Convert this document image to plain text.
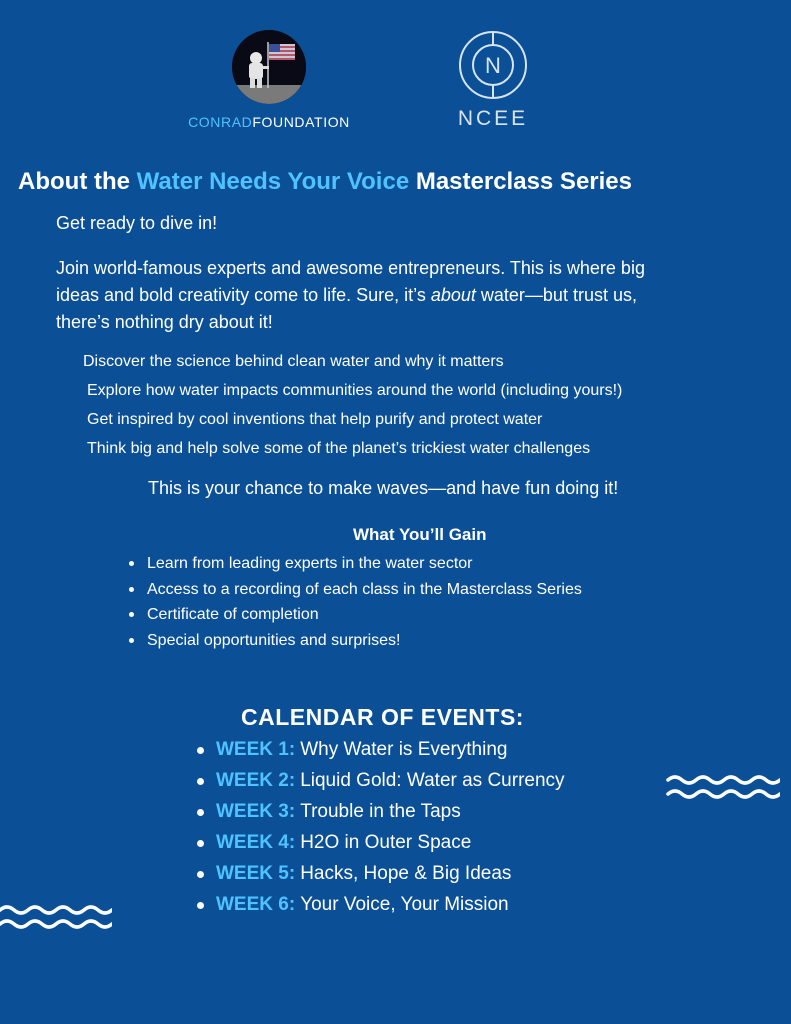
CONRADFOUNDATION
N
NCEE
About the Water Needs Your Voice Masterclass Series

Get ready to dive in!

Join world-famous experts and awesome entrepreneurs. This is where big
ideas and bold creativity come to life. Sure, it’s about water—but trust us,
there’s nothing dry about it!

Discover the science behind clean water and why it matters

Explore how water impacts communities around the world (including yours!)

Get inspired by cool inventions that help purify and protect water

Think big and help solve some of the planet’s trickiest water challenges

This is your chance to make waves—and have fun doing it!

What You’ll Gain
Learn from leading experts in the water sector
Access to a recording of each class in the Masterclass Series
Certificate of completion
Special opportunities and surprises!
CALENDAR OF EVENTS:
WEEK 1: Why Water is Everything
WEEK 2: Liquid Gold: Water as Currency
WEEK 3: Trouble in the Taps
WEEK 4: H2O in Outer Space
WEEK 5: Hacks, Hope & Big Ideas
WEEK 6: Your Voice, Your Mission
